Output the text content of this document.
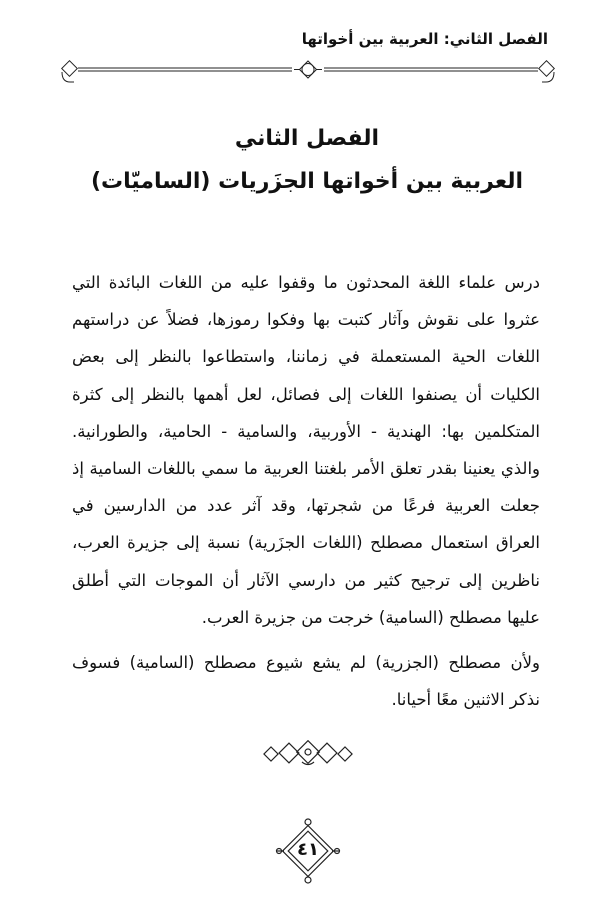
الفصل الثاني: العربية بين أخواتها
الفصل الثاني
العربية بين أخواتها الجزَريات (الساميّات)

درس علماء اللغة المحدثون ما وقفوا عليه من اللغات البائدة التي عثروا على نقوش وآثار كتبت بها وفكوا رموزها، فضلاً عن دراستهم اللغات الحية المستعملة في زماننا، واستطاعوا بالنظر إلى بعض الكليات أن يصنفوا اللغات إلى فصائل، لعل أهمها بالنظر إلى كثرة المتكلمين بها: الهندية - الأوربية، والسامية - الحامية، والطورانية. والذي يعنينا بقدر تعلق الأمر بلغتنا العربية ما سمي باللغات السامية إذ جعلت العربية فرعًا من شجرتها، وقد آثر عدد من الدارسين في العراق استعمال مصطلح (اللغات الجزَرية) نسبة إلى جزيرة العرب، ناظرين إلى ترجيح كثير من دارسي الآثار أن الموجات التي أطلق عليها مصطلح (السامية) خرجت من جزيرة العرب.

ولأن مصطلح (الجزرية) لم يشع شيوع مصطلح (السامية) فسوف نذكر الاثنين معًا أحيانا.

٤١
